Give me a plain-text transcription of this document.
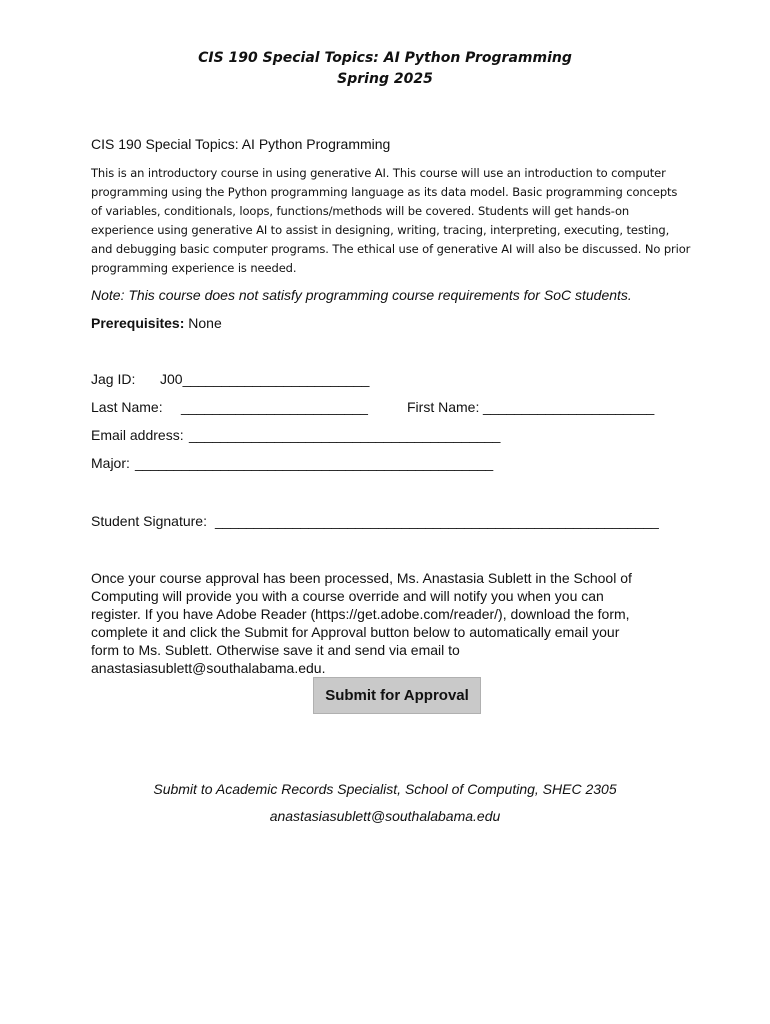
CIS 190 Special Topics: AI Python Programming
Spring 2025
CIS 190 Special Topics: AI Python Programming
This is an introductory course in using generative AI. This course will use an introduction to computer programming using the Python programming language as its data model. Basic programming concepts of variables, conditionals, loops, functions/methods will be covered. Students will get hands-on experience using generative AI to assist in designing, writing, tracing, interpreting, executing, testing, and debugging basic computer programs. The ethical use of generative AI will also be discussed. No prior programming experience is needed.
Note: This course does not satisfy programming course requirements for SoC students.
Prerequisites: None
Jag ID: J00________________________
Last Name: ________________________	First Name: ______________________
Email address: ________________________________________
Major: ______________________________________________
Student Signature: _________________________________________________________
Once your course approval has been processed, Ms. Anastasia Sublett in the School of Computing will provide you with a course override and will notify you when you can register. If you have Adobe Reader (https://get.adobe.com/reader/), download the form, complete it and click the Submit for Approval button below to automatically email your form to Ms. Sublett. Otherwise save it and send via email to anastasiasublett@southalabama.edu.
Submit for Approval
Submit to Academic Records Specialist, School of Computing, SHEC 2305
anastasiasublett@southalabama.edu
